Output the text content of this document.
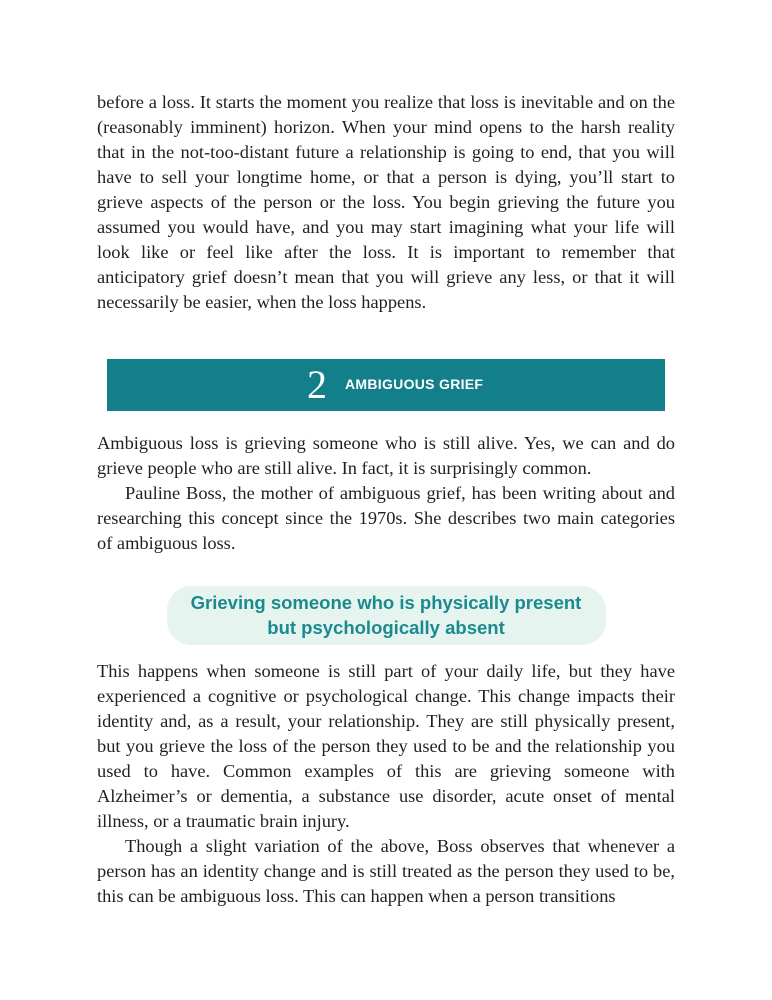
before a loss. It starts the moment you realize that loss is inevitable and on the (reasonably imminent) horizon. When your mind opens to the harsh reality that in the not-too-distant future a relationship is going to end, that you will have to sell your longtime home, or that a person is dying, you’ll start to grieve aspects of the person or the loss. You begin grieving the future you assumed you would have, and you may start imagining what your life will look like or feel like after the loss. It is important to remember that anticipatory grief doesn’t mean that you will grieve any less, or that it will necessarily be easier, when the loss happens.

2 AMBIGUOUS GRIEF

Ambiguous loss is grieving someone who is still alive. Yes, we can and do grieve people who are still alive. In fact, it is surprisingly common.

Pauline Boss, the mother of ambiguous grief, has been writing about and researching this concept since the 1970s. She describes two main categories of ambiguous loss.

Grieving someone who is physically present
but psychologically absent

This happens when someone is still part of your daily life, but they have experienced a cognitive or psychological change. This change impacts their identity and, as a result, your relationship. They are still physically present, but you grieve the loss of the person they used to be and the relationship you used to have. Common examples of this are grieving someone with Alzheimer’s or dementia, a substance use disorder, acute onset of mental illness, or a traumatic brain injury.

Though a slight variation of the above, Boss observes that whenever a person has an identity change and is still treated as the person they used to be, this can be ambiguous loss. This can happen when a person transitions
